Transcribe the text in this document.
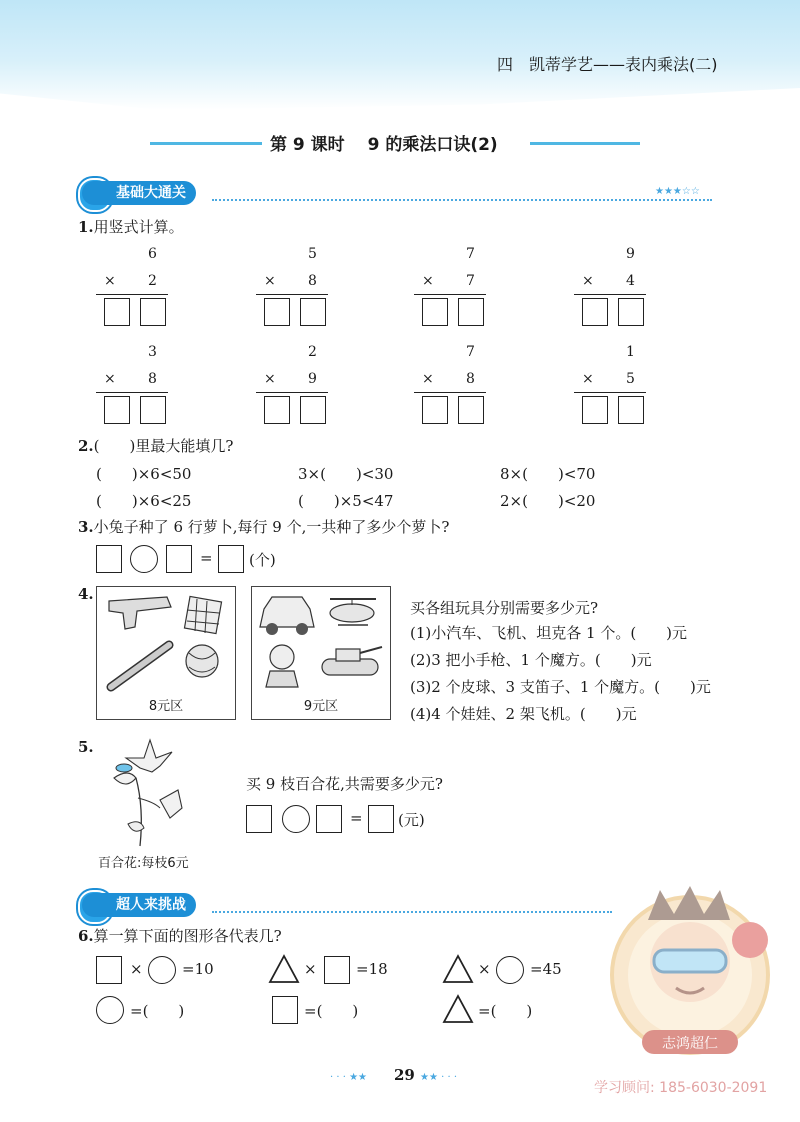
四　凯蒂学艺——表内乘法(二)
第 9 课时　 9 的乘法口诀(2)
基础大通关	★★★☆☆
1.用竖式计算。
6
× 2
5
× 8
7
× 7
9
× 4
3
× 8
2
× 9
7
× 8
1
× 5
2.(　　)里最大能填几?
(　　)×6<50	3×(　　)<30	8×(　　)<70
(　　)×6<25	(　　)×5<47	2×(　　)<20
3.小兔子种了 6 行萝卜,每行 9 个,一共种了多少个萝卜?
= (个)
4.
8元区	9元区
买各组玩具分别需要多少元?
(1)小汽车、飞机、坦克各 1 个。(　　)元
(2)3 把小手枪、1 个魔方。(　　)元
(3)2 个皮球、3 支笛子、1 个魔方。(　　)元
(4)4 个娃娃、2 架飞机。(　　)元
5.
百合花:每枝6元
买 9 枝百合花,共需要多少元?
= (元)
超人来挑战
6.算一算下面的图形各代表几?
×	=10	×	=18	×	=45
=(　　)	=(　　)	=(　　)
志鸿超仁
· · · ★★ 29 ★★ · · ·
学习顾问: 185-6030-2091
